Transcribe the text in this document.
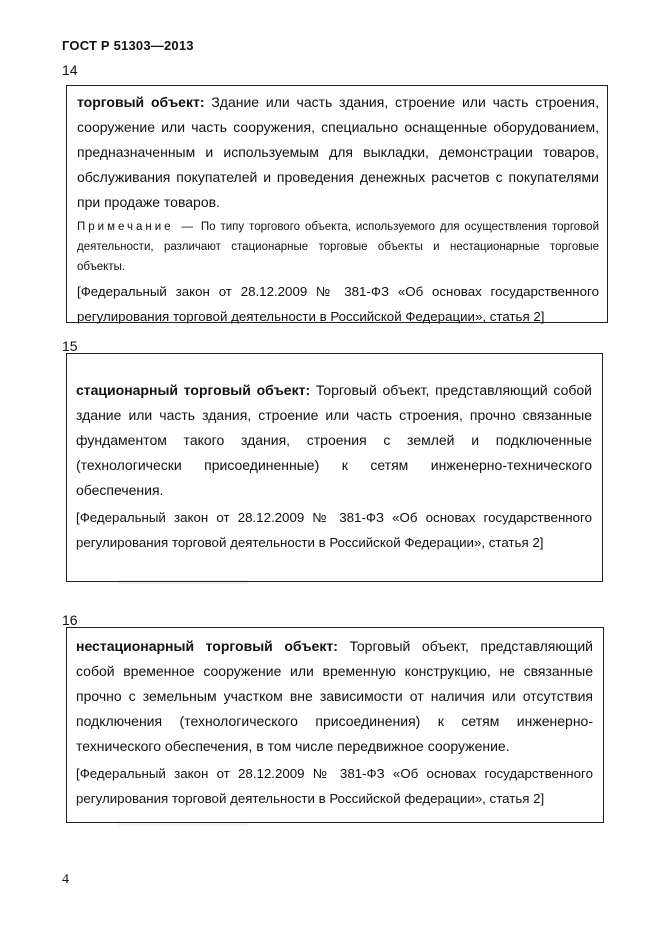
ГОСТ Р 51303—2013
14

торговый объект: Здание или часть здания, строение или часть строения, сооружение или часть сооружения, специально оснащенные оборудованием, предназначенным и используемым для выкладки, демонстрации товаров, обслуживания покупателей и проведения денежных расчетов с покупателями при продаже товаров.

Примечание — По типу торгового объекта, используемого для осуществления торговой деятельности, различают стационарные торговые объекты и нестационарные торговые объекты.

[Федеральный закон от 28.12.2009 № 381-ФЗ «Об основах государственного регулирования торговой деятельности в Российской Федерации», статья 2]

15

стационарный торговый объект: Торговый объект, представляющий собой здание или часть здания, строение или часть строения, прочно связанные фундаментом такого здания, строения с землей и подключенные (технологически присоединенные) к сетям инженерно-технического обеспечения.

[Федеральный закон от 28.12.2009 № 381-ФЗ «Об основах государственного регулирования торговой деятельности в Российской Федерации», статья 2]

16

нестационарный торговый объект: Торговый объект, представляющий собой временное сооружение или временную конструкцию, не связанные прочно с земельным участком вне зависимости от наличия или отсутствия подключения (технологического присоединения) к сетям инженерно-технического обеспечения, в том числе передвижное сооружение.

[Федеральный закон от 28.12.2009 № 381-ФЗ «Об основах государственного регулирования торговой деятельности в Российской федерации», статья 2]

4
